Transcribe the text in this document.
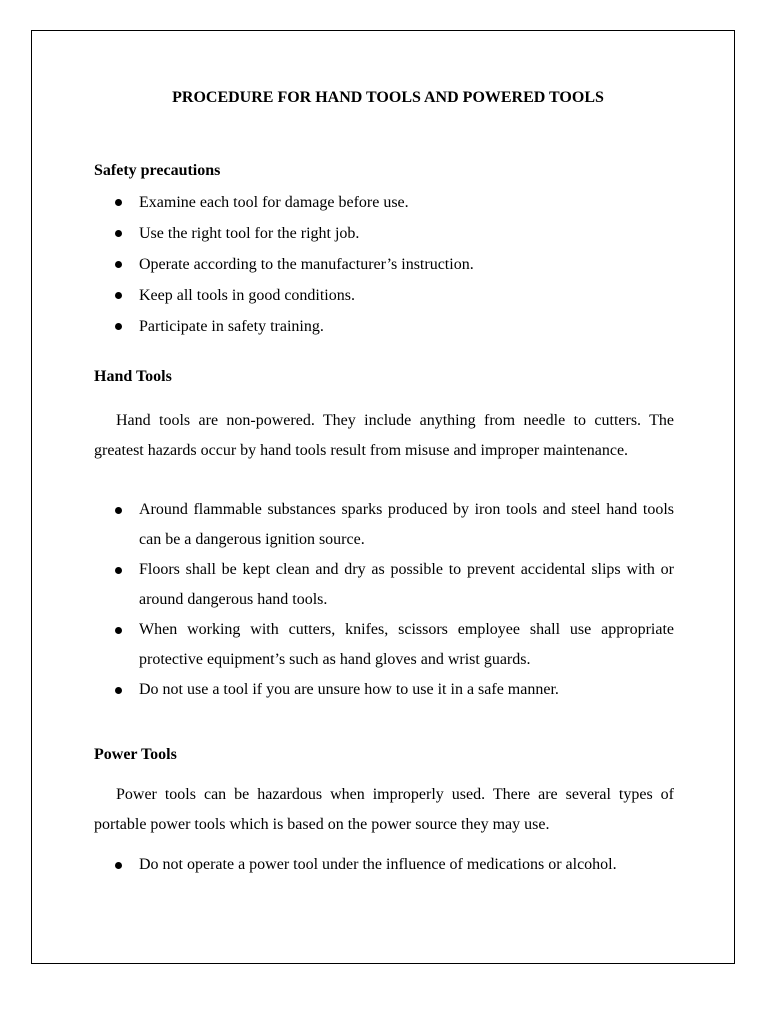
PROCEDURE FOR HAND TOOLS AND POWERED TOOLS
Safety precautions
Examine each tool for damage before use.
Use the right tool for the right job.
Operate according to the manufacturer’s instruction.
Keep all tools in good conditions.
Participate in safety training.
Hand Tools

Hand tools are non-powered. They include anything from needle to cutters. The greatest hazards occur by hand tools result from misuse and improper maintenance.

Around flammable substances sparks produced by iron tools and steel hand tools can be a dangerous ignition source.
Floors shall be kept clean and dry as possible to prevent accidental slips with or around dangerous hand tools.
When working with cutters, knifes, scissors employee shall use appropriate protective equipment’s such as hand gloves and wrist guards.
Do not use a tool if you are unsure how to use it in a safe manner.
Power Tools

Power tools can be hazardous when improperly used. There are several types of portable power tools which is based on the power source they may use.

Do not operate a power tool under the influence of medications or alcohol.
